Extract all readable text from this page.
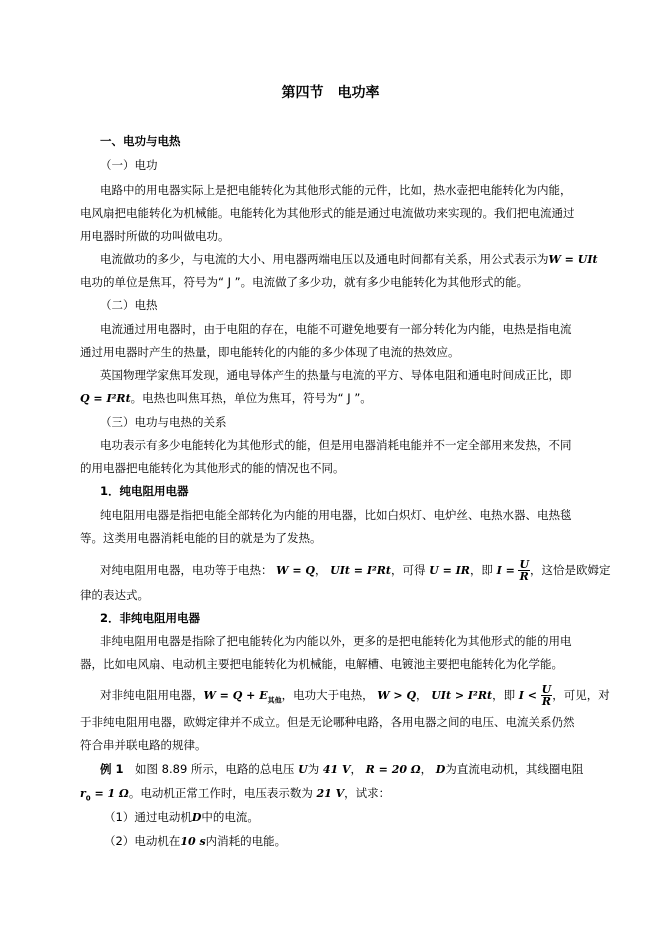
第四节　电功率
一、电功与电热
（一）电功
电路中的用电器实际上是把电能转化为其他形式能的元件，比如，热水壶把电能转化为内能，
电风扇把电能转化为机械能。电能转化为其他形式的能是通过电流做功来实现的。我们把电流通过
用电器时所做的功叫做电功。
电流做功的多少，与电流的大小、用电器两端电压以及通电时间都有关系，用公式表示为W = UIt
电功的单位是焦耳，符号为“ J ”。电流做了多少功，就有多少电能转化为其他形式的能。
（二）电热
电流通过用电器时，由于电阻的存在，电能不可避免地要有一部分转化为内能，电热是指电流
通过用电器时产生的热量，即电能转化的内能的多少体现了电流的热效应。
英国物理学家焦耳发现，通电导体产生的热量与电流的平方、导体电阻和通电时间成正比，即
Q = I²Rt。电热也叫焦耳热，单位为焦耳，符号为“ J ”。
（三）电功与电热的关系
电功表示有多少电能转化为其他形式的能，但是用电器消耗电能并不一定全部用来发热，不同
的用电器把电能转化为其他形式的能的情况也不同。
1．纯电阻用电器
纯电阻用电器是指把电能全部转化为内能的用电器，比如白炽灯、电炉丝、电热水器、电热毯
等。这类用电器消耗电能的目的就是为了发热。
对纯电阻用电器，电功等于电热： W = Q， UIt = I²Rt，可得 U = IR，即 $I = \frac{U}{R}$ ，这恰是欧姆定
律的表达式。
2．非纯电阻用电器
非纯电阻用电器是指除了把电能转化为内能以外，更多的是把电能转化为其他形式的能的用电
器，比如电风扇、电动机主要把电能转化为机械能，电解槽、电镀池主要把电能转化为化学能。
对非纯电阻用电器，$W = Q + E_{其他}$，电功大于电热， W > Q， UIt > I²Rt，即 $I < \frac{U}{R}$ ，可见，对
于非纯电阻用电器，欧姆定律并不成立。但是无论哪种电路，各用电器之间的电压、电流关系仍然
符合串并联电路的规律。
例 1　如图 8.89 所示，电路的总电压 U为 41 V， R = 20 Ω， D为直流电动机，其线圈电阻
$r_0 = 1$ Ω。电动机正常工作时，电压表示数为 21 V，试求：
（1）通过电动机D中的电流。
（2）电动机在10 s内消耗的电能。
